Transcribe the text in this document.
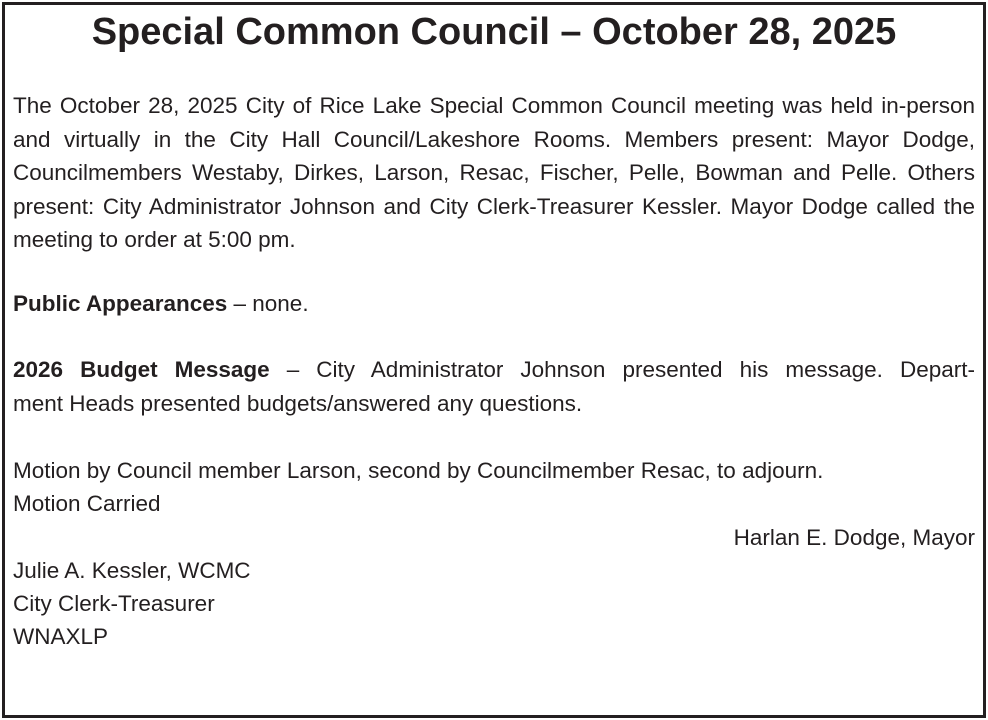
Special Common Council – October 28, 2025

The October 28, 2025 City of Rice Lake Special Common Council meeting was held in-person and virtually in the City Hall Council/Lakeshore Rooms. Members present: Mayor Dodge, Councilmembers Westaby, Dirkes, Larson, Resac, Fischer, Pelle, Bowman and Pelle. Others present: City Administrator Johnson and City Clerk-Treasurer Kessler. Mayor Dodge called the meeting to order at 5:00 pm.

Public Appearances – none.

2026 Budget Message – City Administrator Johnson presented his message. Depart-

ment Heads presented budgets/answered any questions.

Motion by Council member Larson, second by Councilmember Resac, to adjourn.

Motion Carried

Harlan E. Dodge, Mayor

Julie A. Kessler, WCMC

City Clerk-Treasurer

WNAXLP
